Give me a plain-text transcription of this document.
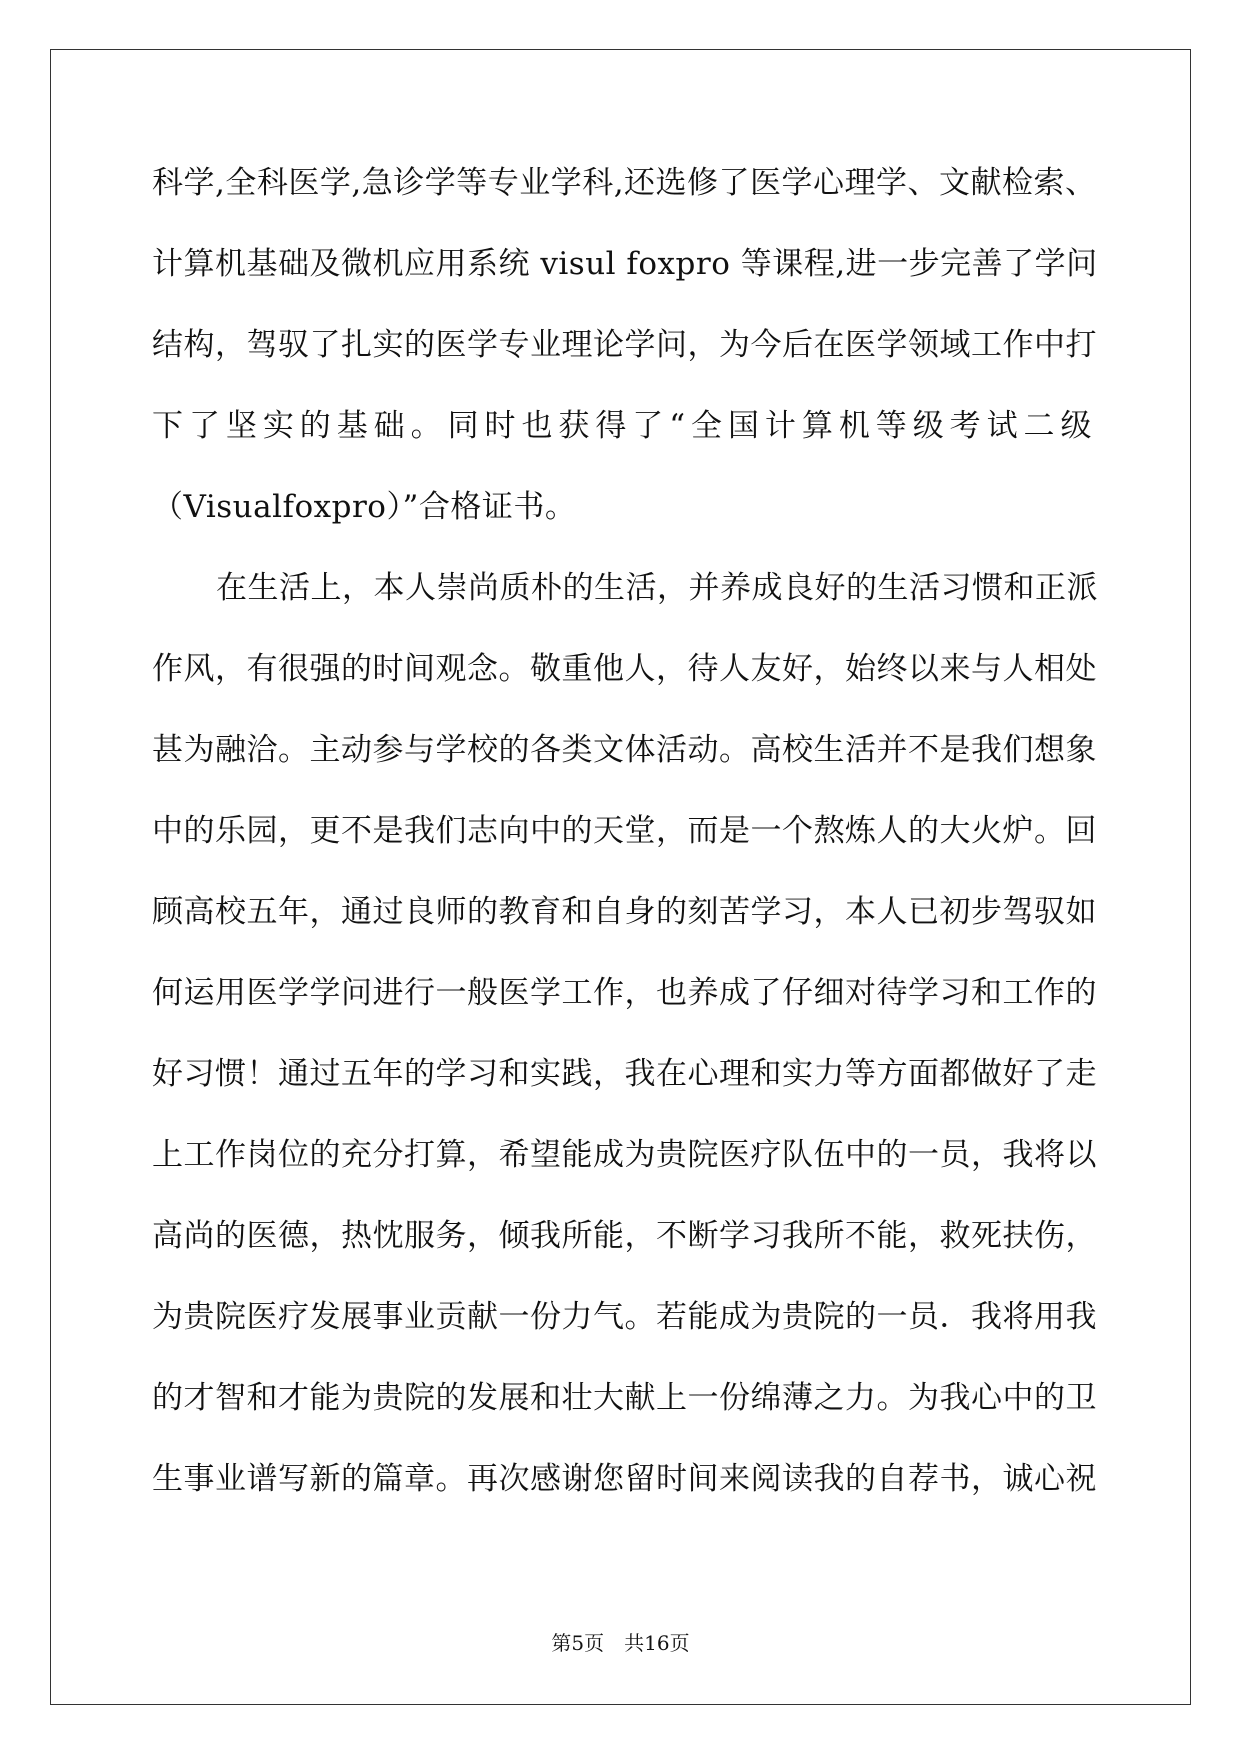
科学,全科医学,急诊学等专业学科,还选修了医学心理学、文献检索、
计算机基础及微机应用系统 visul foxpro 等课程,进一步完善了学问
结构，驾驭了扎实的医学专业理论学问，为今后在医学领域工作中打
下了坚实的基础。同时也获得了“全国计算机等级考试二级
（Visualfoxpro）”合格证书。
在生活上，本人崇尚质朴的生活，并养成良好的生活习惯和正派
作风，有很强的时间观念。敬重他人，待人友好，始终以来与人相处
甚为融洽。主动参与学校的各类文体活动。高校生活并不是我们想象
中的乐园，更不是我们志向中的天堂，而是一个熬炼人的大火炉。回
顾高校五年，通过良师的教育和自身的刻苦学习，本人已初步驾驭如
何运用医学学问进行一般医学工作，也养成了仔细对待学习和工作的
好习惯！通过五年的学习和实践，我在心理和实力等方面都做好了走
上工作岗位的充分打算，希望能成为贵院医疗队伍中的一员，我将以
高尚的医德，热忱服务，倾我所能，不断学习我所不能，救死扶伤，
为贵院医疗发展事业贡献一份力气。若能成为贵院的一员．我将用我
的才智和才能为贵院的发展和壮大献上一份绵薄之力。为我心中的卫
生事业谱写新的篇章。再次感谢您留时间来阅读我的自荐书，诚心祝
第5页　共16页
